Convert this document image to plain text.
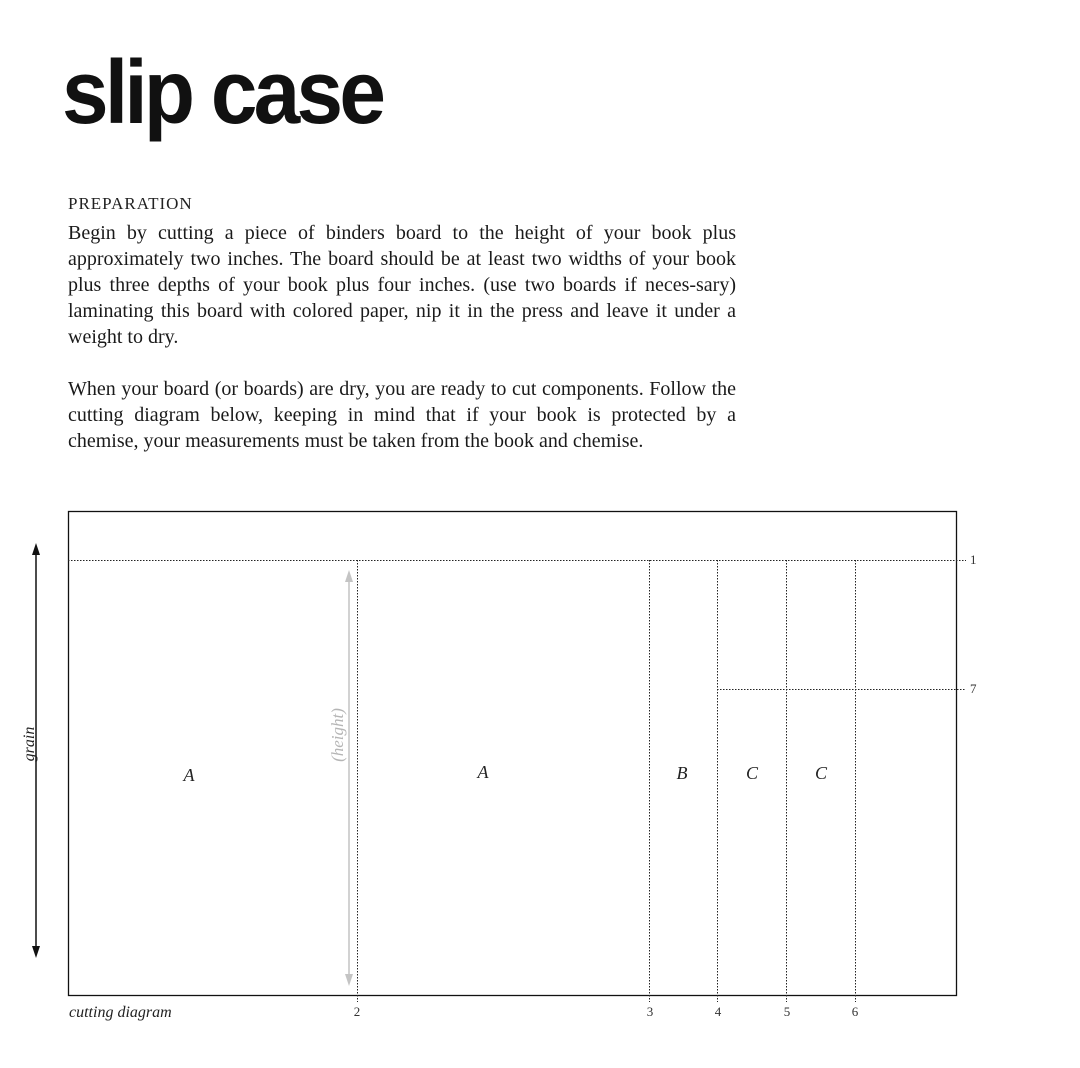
slip case
PREPARATION

Begin by cutting a piece of binders board to the height of your book plus approximately two inches. The board should be at least two widths of your book plus three depths of your book plus four inches. (use two boards if neces-sary) laminating this board with colored paper, nip it in the press and leave it under a weight to dry.

When your board (or boards) are dry, you are ready to cut components. Follow the cutting diagram below, keeping in mind that if your book is protected by a chemise, your measurements must be taken from the book and chemise.

grain	(height)
A	A	B	C	C
1
7
2	3	4	5	6
cutting diagram
